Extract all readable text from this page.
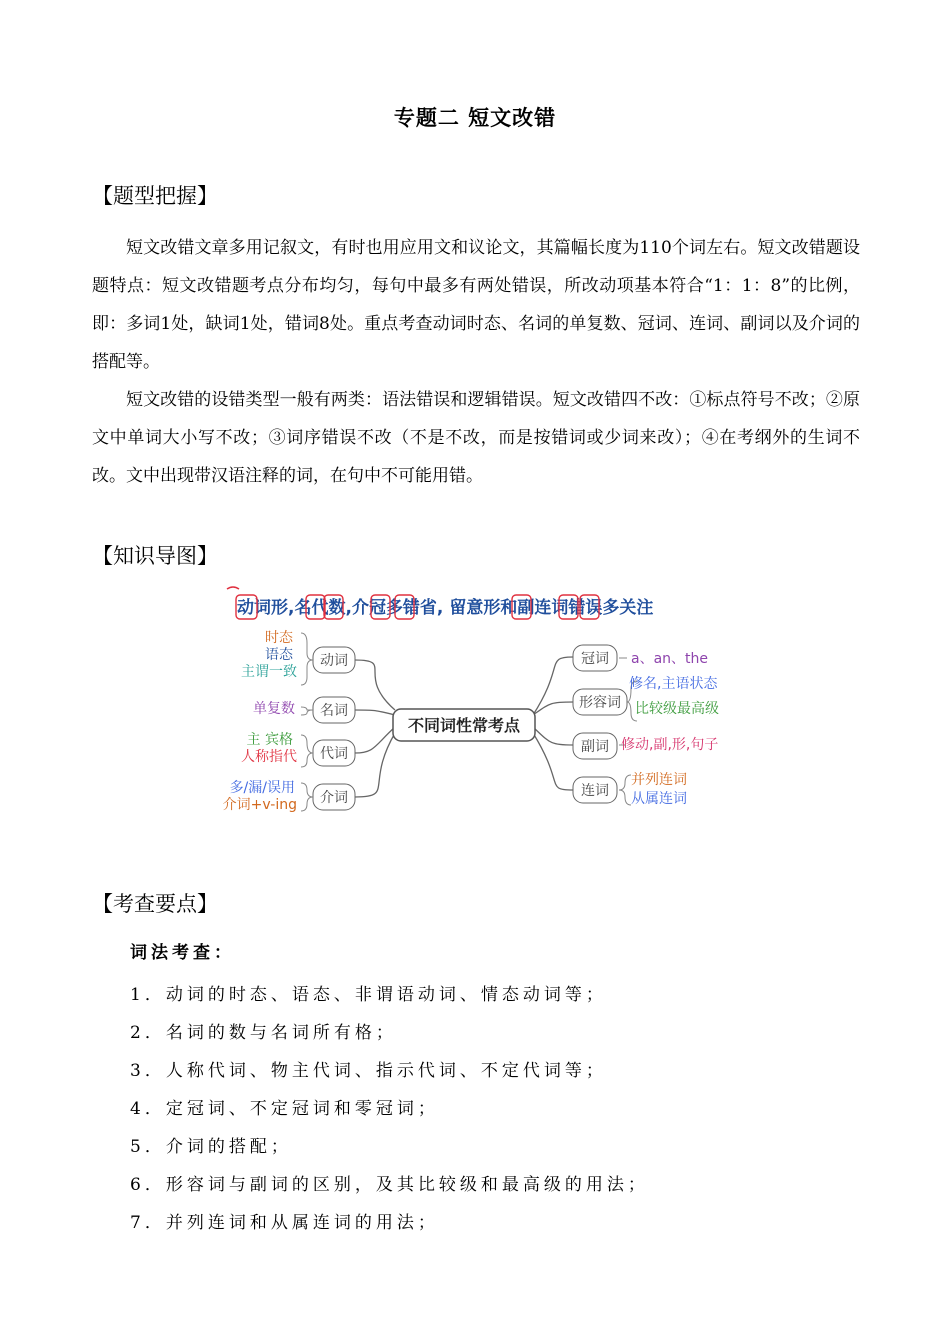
专题二 短文改错
【题型把握】

短文改错文章多用记叙文，有时也用应用文和议论文，其篇幅长度为110个词左右。短文改错题设题特点：短文改错题考点分布均匀，每句中最多有两处错误，所改动项基本符合“1：1：8”的比例，即：多词1处，缺词1处，错词8处。重点考查动词时态、名词的单复数、冠词、连词、副词以及介词的搭配等。

短文改错的设错类型一般有两类：语法错误和逻辑错误。短文改错四不改：①标点符号不改；②原文中单词大小写不改；③词序错误不改（不是不改，而是按错词或少词来改）；④在考纲外的生词不改。文中出现带汉语注释的词，在句中不可能用错。

【知识导图】
动词形,名代数,介冠多错省, 留意形和副连词错误多关注
不同词性常考点
动词
名词
代词
介词
时态
语态
主谓一致
单复数
主 宾格
人称指代
多/漏/误用
介词+v-ing
冠词
形容词
副词
连词
a、an、the
修名,主语状态
比较级最高级
修动,副,形,句子
并列连词
从属连词
【考查要点】
词法考查：
1．动词的时态、语态、非谓语动词、情态动词等；
2．名词的数与名词所有格；
3．人称代词、物主代词、指示代词、不定代词等；
4．定冠词、不定冠词和零冠词；
5．介词的搭配；
6．形容词与副词的区别，及其比较级和最高级的用法；
7．并列连词和从属连词的用法；
